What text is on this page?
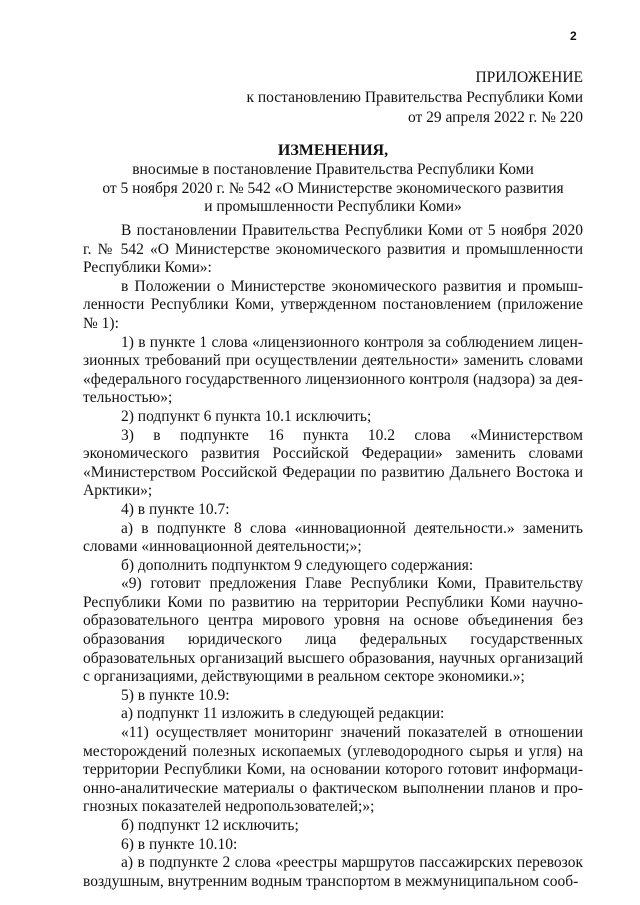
2
ПРИЛОЖЕНИЕ
к постановлению Правительства Республики Коми
от 29 апреля 2022 г. № 220
ИЗМЕНЕНИЯ,
вносимые в постановление Правительства Республики Коми
от 5 ноября 2020 г. № 542 «О Министерстве экономического развития
и промышленности Республики Коми»

В постановлении Правительства Республики Коми от 5 ноября 2020 г. № 542 «О Министерстве экономического развития и промышленности Республики Коми»:

в Положении о Министерстве экономического развития и промышленности Республики Коми, утвержденном постановлением (приложение № 1):

1) в пункте 1 слова «лицензионного контроля за соблюдением лицензионных требований при осуществлении деятельности» заменить словами «федерального государственного лицензионного контроля (надзора) за деятельностью»;

2) подпункт 6 пункта 10.1 исключить;

3) в подпункте 16 пункта 10.2 слова «Министерством экономического развития Российской Федерации» заменить словами «Министерством Российской Федерации по развитию Дальнего Востока и Арктики»;

4) в пункте 10.7:

а) в подпункте 8 слова «инновационной деятельности.» заменить словами «инновационной деятельности;»;

б) дополнить подпунктом 9 следующего содержания:

«9) готовит предложения Главе Республики Коми, Правительству Республики Коми по развитию на территории Республики Коми научно-образовательного центра мирового уровня на основе объединения без образования юридического лица федеральных государственных образовательных организаций высшего образования, научных организаций с организациями, действующими в реальном секторе экономики.»;

5) в пункте 10.9:

а) подпункт 11 изложить в следующей редакции:

«11) осуществляет мониторинг значений показателей в отношении месторождений полезных ископаемых (углеводородного сырья и угля) на территории Республики Коми, на основании которого готовит информационно-аналитические материалы о фактическом выполнении планов и прогнозных показателей недропользователей;»;

б) подпункт 12 исключить;

6) в пункте 10.10:

а) в подпункте 2 слова «реестры маршрутов пассажирских перевозок воздушным, внутренним водным транспортом в межмуниципальном сооб-
